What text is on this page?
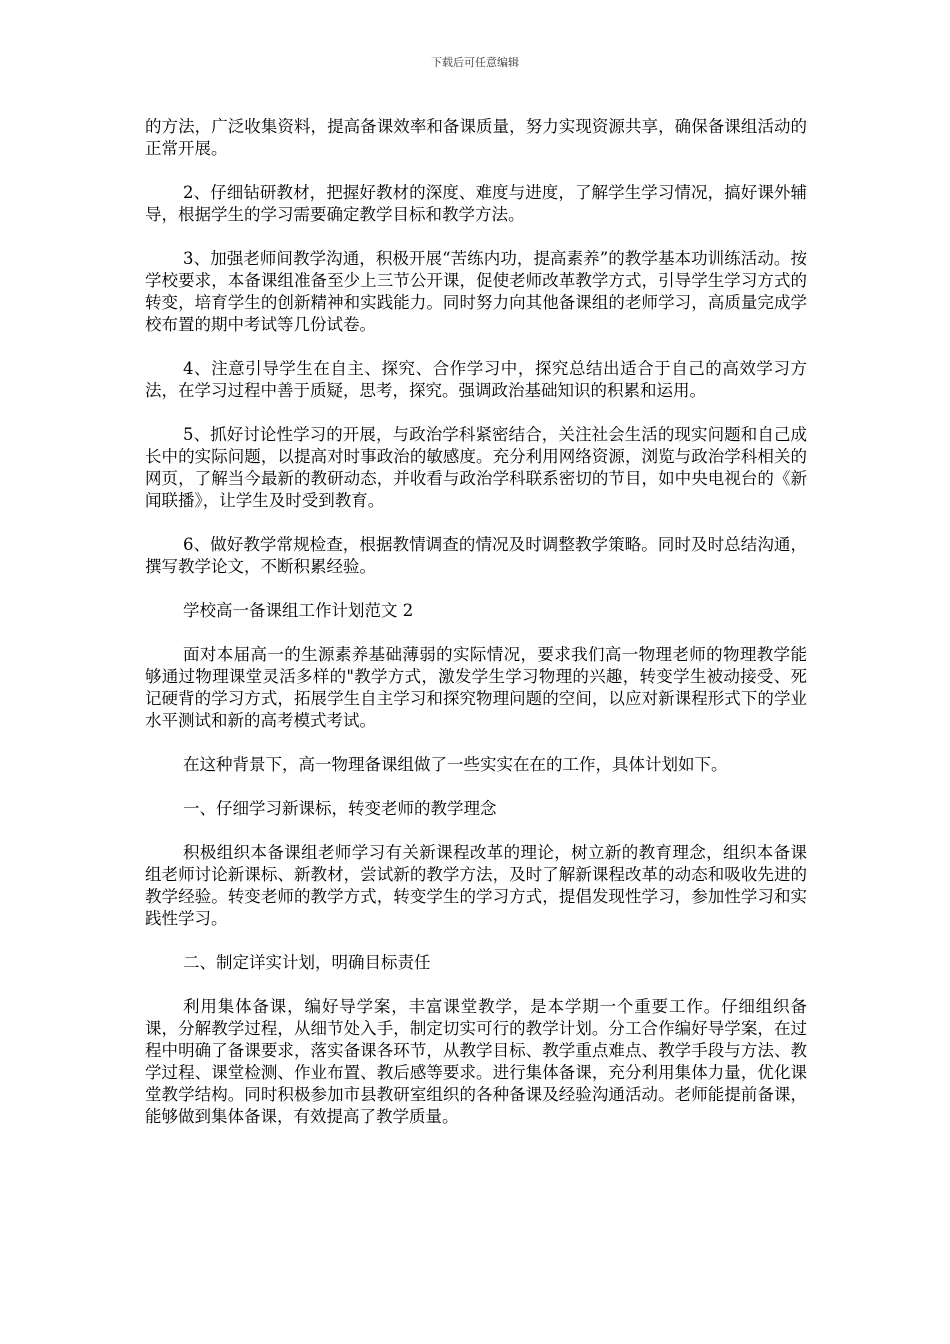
下载后可任意编辑

的方法，广泛收集资料，提高备课效率和备课质量，努力实现资源共享，确保备课组活动的正常开展。

2、仔细钻研教材，把握好教材的深度、难度与进度，了解学生学习情况，搞好课外辅导，根据学生的学习需要确定教学目标和教学方法。

3、加强老师间教学沟通，积极开展“苦练内功，提高素养”的教学基本功训练活动。按学校要求，本备课组准备至少上三节公开课，促使老师改革教学方式，引导学生学习方式的转变，培育学生的创新精神和实践能力。同时努力向其他备课组的老师学习，高质量完成学校布置的期中考试等几份试卷。

4、注意引导学生在自主、探究、合作学习中，探究总结出适合于自己的高效学习方法，在学习过程中善于质疑，思考，探究。强调政治基础知识的积累和运用。

5、抓好讨论性学习的开展，与政治学科紧密结合，关注社会生活的现实问题和自己成长中的实际问题，以提高对时事政治的敏感度。充分利用网络资源，浏览与政治学科相关的网页，了解当今最新的教研动态，并收看与政治学科联系密切的节目，如中央电视台的《新闻联播》，让学生及时受到教育。

6、做好教学常规检查，根据教情调查的情况及时调整教学策略。同时及时总结沟通，撰写教学论文，不断积累经验。

学校高一备课组工作计划范文 2

面对本届高一的生源素养基础薄弱的实际情况，要求我们高一物理老师的物理教学能够通过物理课堂灵活多样的"教学方式，激发学生学习物理的兴趣，转变学生被动接受、死记硬背的学习方式，拓展学生自主学习和探究物理问题的空间，以应对新课程形式下的学业水平测试和新的高考模式考试。

在这种背景下，高一物理备课组做了一些实实在在的工作，具体计划如下。

一、仔细学习新课标，转变老师的教学理念

积极组织本备课组老师学习有关新课程改革的理论，树立新的教育理念，组织本备课组老师讨论新课标、新教材，尝试新的教学方法，及时了解新课程改革的动态和吸收先进的教学经验。转变老师的教学方式，转变学生的学习方式，提倡发现性学习，参加性学习和实践性学习。

二、制定详实计划，明确目标责任

利用集体备课，编好导学案，丰富课堂教学，是本学期一个重要工作。仔细组织备课，分解教学过程，从细节处入手，制定切实可行的教学计划。分工合作编好导学案，在过程中明确了备课要求，落实备课各环节，从教学目标、教学重点难点、教学手段与方法、教学过程、课堂检测、作业布置、教后感等要求。进行集体备课，充分利用集体力量，优化课堂教学结构。同时积极参加市县教研室组织的各种备课及经验沟通活动。老师能提前备课，能够做到集体备课，有效提高了教学质量。
